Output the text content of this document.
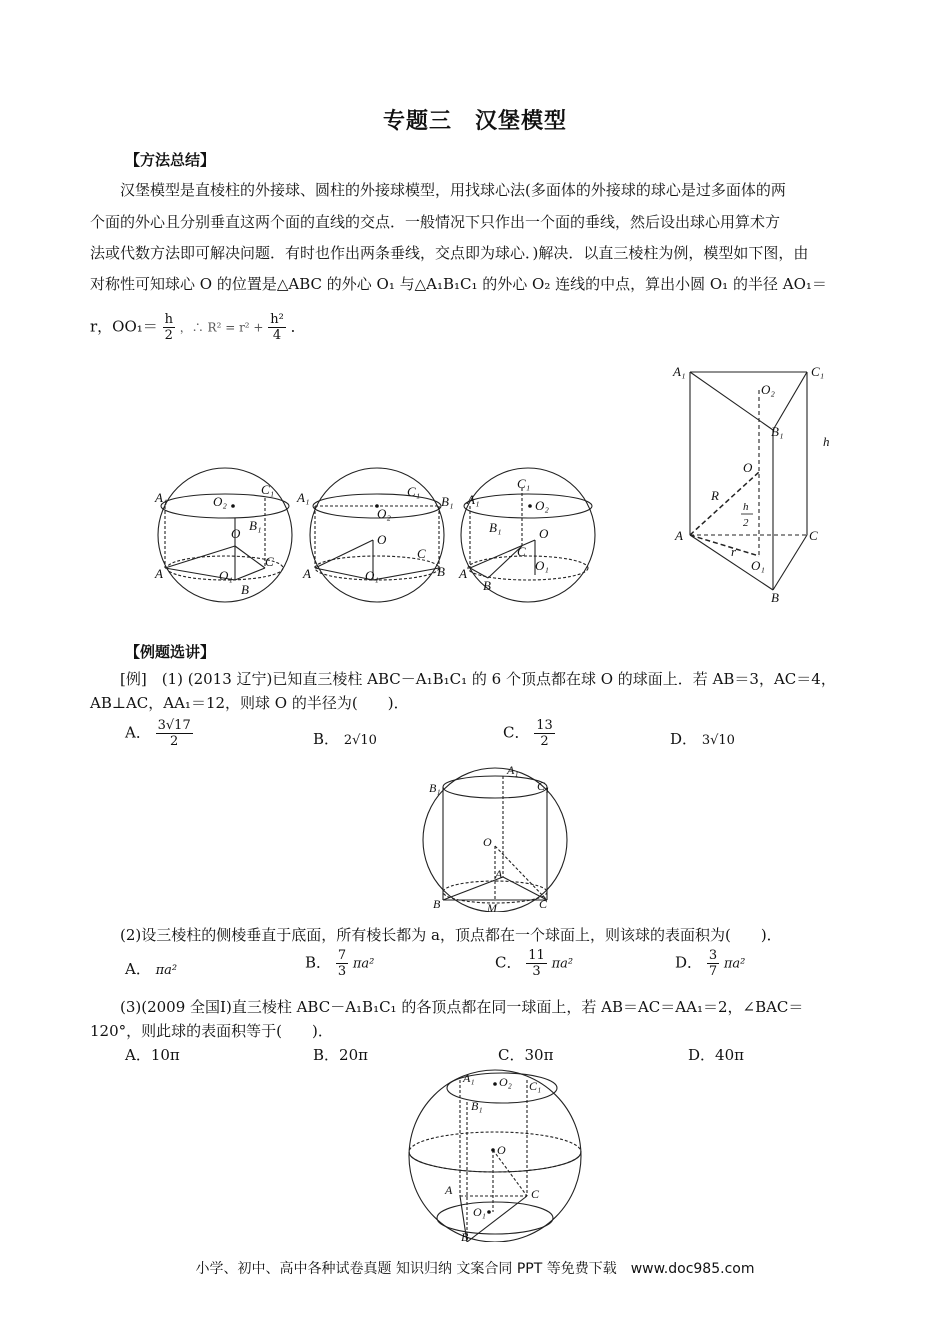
专题三　汉堡模型
【方法总结】
汉堡模型是直棱柱的外接球、圆柱的外接球模型，用找球心法(多面体的外接球的球心是过多面体的两
个面的外心且分别垂直这两个面的直线的交点．一般情况下只作出一个面的垂线，然后设出球心用算术方
法或代数方法即可解决问题．有时也作出两条垂线，交点即为球心．)解决．以直三棱柱为例，模型如下图，由
对称性可知球心 O 的位置是△ABC 的外心 O₁ 与△A₁B₁C₁ 的外心 O₂ 连线的中点，算出小圆 O₁ 的半径 AO₁＝
r，$OO_1= \frac{h}{2}$ ，∴ $R^2 = r^2 + \frac{\text{h²}}{4}$ ．
A₁	O₂
C₁
B₁
O
A	O₁
C
B
A₁	C₁
B₁
O₂
O
A	O₁
C
B
C₁
A₁	O₂
B₁	O
C
O₁
A
B
A₁	C₁
O₂
B₁
h
O
R
h
2
A	C
r
O₁
B
【例题选讲】
[例]　(1) (2013 辽宁)已知直三棱柱 ABC－A₁B₁C₁ 的 6 个顶点都在球 O 的球面上．若 AB＝3，AC＝4，
AB⊥AC，AA₁＝12，则球 O 的半径为(　　)．
A． $\frac{3√17}{2}$	B． 2√10	C． $\frac{13}{2}$	D． 3√10
A₁
B₁	C₁
O
A
B	M	C
(2)设三棱柱的侧棱垂直于底面，所有棱长都为 a，顶点都在一个球面上，则该球的表面积为(　　)．
A． πa²	B． $\frac{7}{3} \pi a^2$	C． $\frac{11}{3} \pi a^2$	D． $\frac{3}{7} \pi a^2$
(3)(2009 全国Ⅰ)直三棱柱 ABC－A₁B₁C₁ 的各顶点都在同一球面上，若 AB＝AC＝AA₁＝2，∠BAC＝
120°，则此球的表面积等于(　　)．
A．10π	B．20π	C．30π	D．40π
A₁ O₂ C₁
B₁
O
A	C
O₁
B
小学、初中、高中各种试卷真题 知识归纳 文案合同 PPT 等免费下载　www.doc985.com
